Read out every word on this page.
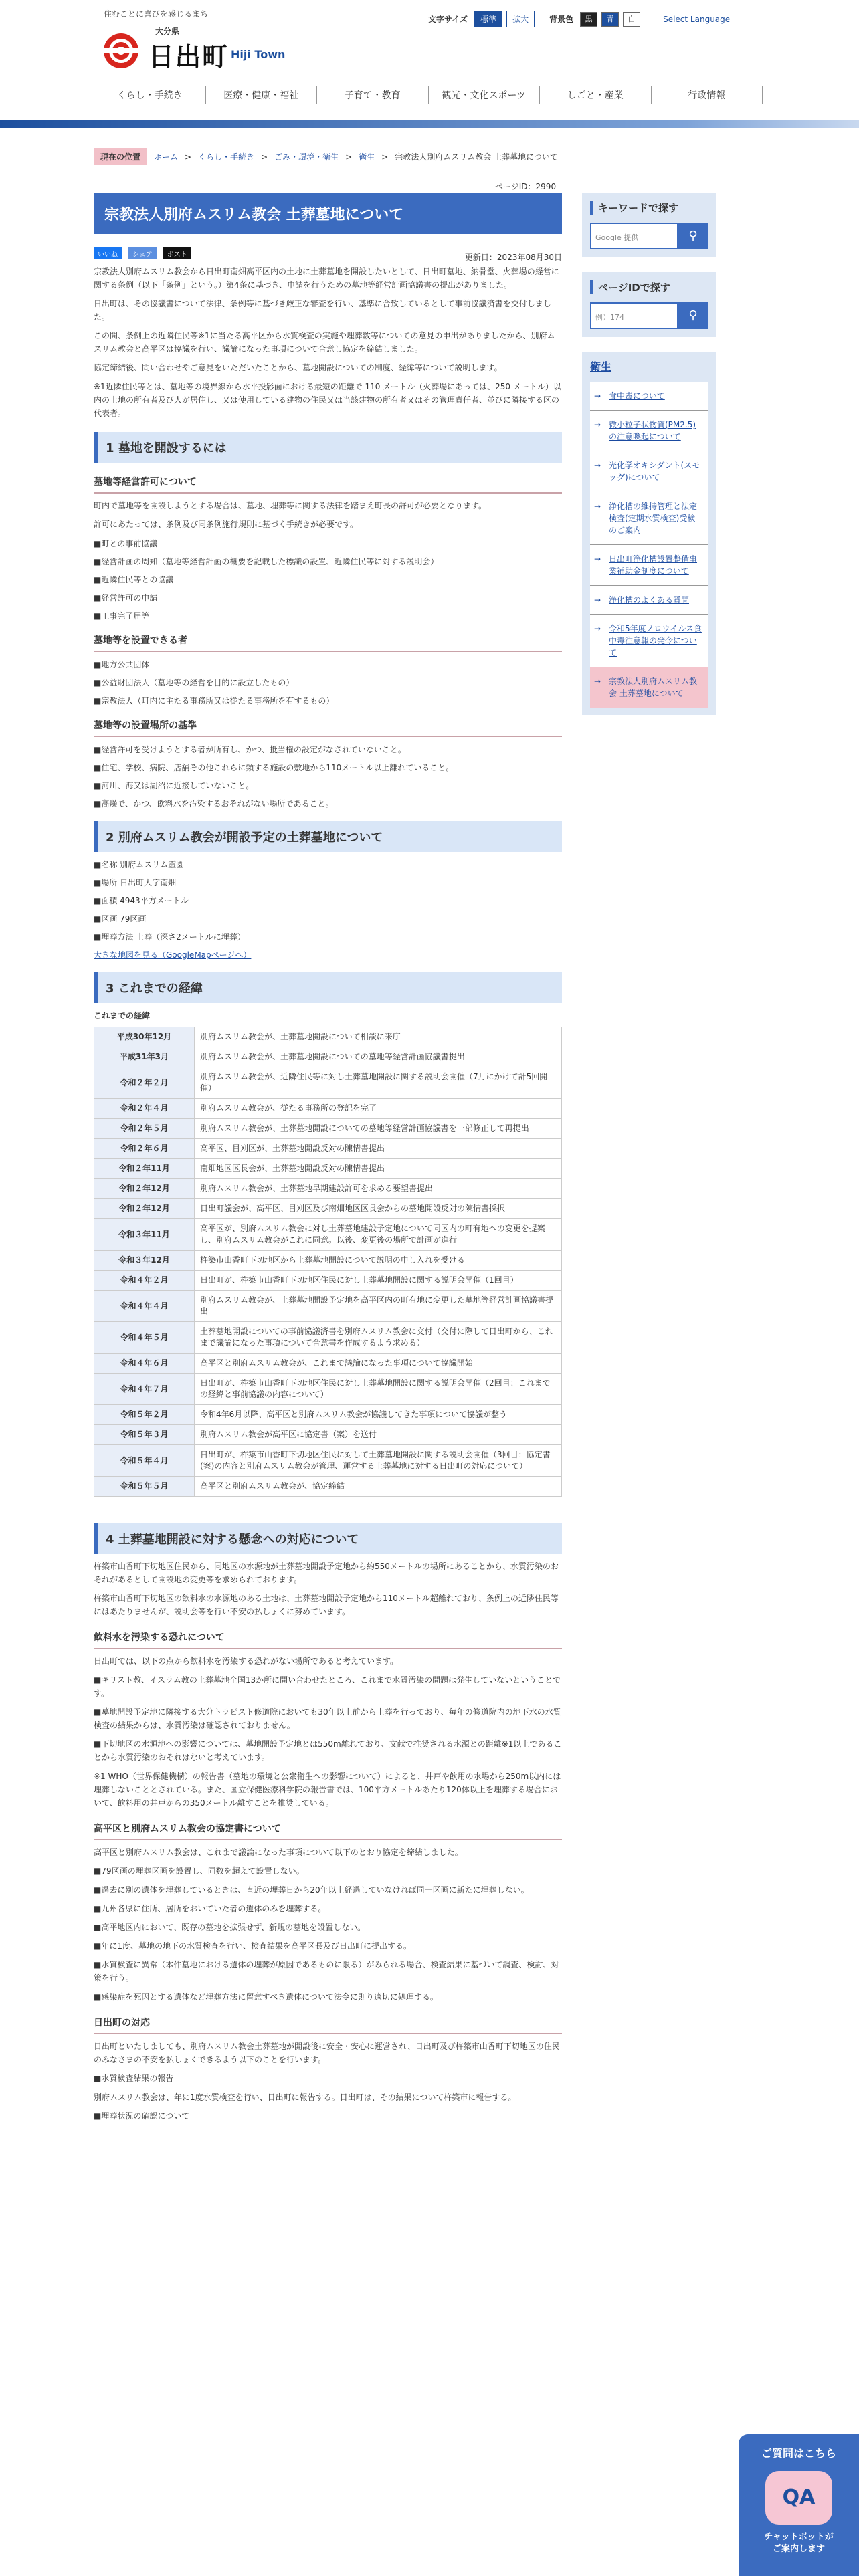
住むことに喜びを感じるまち
大分県
日出町 Hiji Town
文字サイズ	標準	拡大	背景色	黒	青	白	Select Language
くらし・手続き	医療・健康・福祉	子育て・教育	観光・文化スポーツ	しごと・産業	行政情報
現在の位置	ホーム > くらし・手続き > ごみ・環境・衛生 > 衛生 > 宗教法人別府ムスリム教会 土葬墓地について
ページID：2990
宗教法人別府ムスリム教会 土葬墓地について
いいね	シェア	ポスト	更新日：2023年08月30日

宗教法人別府ムスリム教会から日出町南畑高平区内の土地に土葬墓地を開設したいとして、日出町墓地、納骨堂、火葬場の経営に関する条例（以下「条例」という。）第4条に基づき、申請を行うための墓地等経営計画協議書の提出がありました。

日出町は、その協議書について法律、条例等に基づき厳正な審査を行い、基準に合致しているとして事前協議済書を交付しました。

この間、条例上の近隣住民等※1に当たる高平区から水質検査の実施や埋葬数等についての意見の申出がありましたから、別府ムスリム教会と高平区は協議を行い、議論になった事項について合意し協定を締結しました。

協定締結後、問い合わせやご意見をいただいたことから、墓地開設についての制度、経緯等について説明します。

※1近隣住民等とは、墓地等の境界線から水平投影面における最短の距離で 110 メートル（火葬場にあっては、250 メートル）以内の土地の所有者及び人が居住し、又は使用している建物の住民又は当該建物の所有者又はその管理責任者、並びに隣接する区の代表者。

1 墓地を開設するには
墓地等経営許可について

町内で墓地等を開設しようとする場合は、墓地、埋葬等に関する法律を踏まえ町長の許可が必要となります。

許可にあたっては、条例及び同条例施行規則に基づく手続きが必要です。

■町との事前協議
■経営計画の周知（墓地等経営計画の概要を記載した標識の設置、近隣住民等に対する説明会）
■近隣住民等との協議
■経営許可の申請
■工事完了届等
墓地等を設置できる者
■地方公共団体
■公益財団法人（墓地等の経営を目的に設立したもの）
■宗教法人（町内に主たる事務所又は従たる事務所を有するもの）
墓地等の設置場所の基準
■経営許可を受けようとする者が所有し、かつ、抵当権の設定がなされていないこと。
■住宅、学校、病院、店舗その他これらに類する施設の敷地から110メートル以上離れていること。
■河川、海又は湖沼に近接していないこと。
■高燥で、かつ、飲料水を汚染するおそれがない場所であること。
2 別府ムスリム教会が開設予定の土葬墓地について
■名称 別府ムスリム霊園
■場所 日出町大字南畑
■面積 4943平方メートル
■区画 79区画
■埋葬方法 土葬（深さ2メートルに埋葬）
大きな地図を見る（GoogleMapページへ）
3 これまでの経緯
これまでの経緯
平成30年12月	別府ムスリム教会が、土葬墓地開設について相談に来庁
平成31年3月	別府ムスリム教会が、土葬墓地開設についての墓地等経営計画協議書提出
令和２年２月	別府ムスリム教会が、近隣住民等に対し土葬墓地開設に関する説明会開催（7月にかけて計5回開催）
令和２年４月	別府ムスリム教会が、従たる事務所の登記を完了
令和２年５月	別府ムスリム教会が、土葬墓地開設についての墓地等経営計画協議書を一部修正して再提出
令和２年６月	高平区、目刈区が、土葬墓地開設反対の陳情書提出
令和２年11月	南畑地区区長会が、土葬墓地開設反対の陳情書提出
令和２年12月	別府ムスリム教会が、土葬墓地早期建設許可を求める要望書提出
令和２年12月	日出町議会が、高平区、目刈区及び南畑地区区長会からの墓地開設反対の陳情書採択
令和３年11月	高平区が、別府ムスリム教会に対し土葬墓地建設予定地について同区内の町有地への変更を提案し、別府ムスリム教会がこれに同意。以後、変更後の場所で計画が進行
令和３年12月	杵築市山香町下切地区から土葬墓地開設について説明の申し入れを受ける
令和４年２月	日出町が、杵築市山香町下切地区住民に対し土葬墓地開設に関する説明会開催（1回目）
令和４年４月	別府ムスリム教会が、土葬墓地開設予定地を高平区内の町有地に変更した墓地等経営計画協議書提出
令和４年５月	土葬墓地開設についての事前協議済書を別府ムスリム教会に交付（交付に際して日出町から、これまで議論になった事項について合意書を作成するよう求める）
令和４年６月	高平区と別府ムスリム教会が、これまで議論になった事項について協議開始
令和４年７月	日出町が、杵築市山香町下切地区住民に対し土葬墓地開設に関する説明会開催（2回目：これまでの経緯と事前協議の内容について）
令和５年２月	令和4年6月以降、高平区と別府ムスリム教会が協議してきた事項について協議が整う
令和５年３月	別府ムスリム教会が高平区に協定書（案）を送付
令和５年４月	日出町が、杵築市山香町下切地区住民に対して土葬墓地開設に関する説明会開催（3回目：協定書(案)の内容と別府ムスリム教会が管理、運営する土葬墓地に対する日出町の対応について）
令和５年５月	高平区と別府ムスリム教会が、協定締結
4 土葬墓地開設に対する懸念への対応について

杵築市山香町下切地区住民から、同地区の水源地が土葬墓地開設予定地から約550メートルの場所にあることから、水質汚染のおそれがあるとして開設地の変更等を求められております。

杵築市山香町下切地区の飲料水の水源地のある土地は、土葬墓地開設予定地から110メートル超離れており、条例上の近隣住民等にはあたりませんが、説明会等を行い不安の払しょくに努めています。

飲料水を汚染する恐れについて

日出町では、以下の点から飲料水を汚染する恐れがない場所であると考えています。

■キリスト教、イスラム教の土葬墓地全国13か所に問い合わせたところ、これまで水質汚染の問題は発生していないということです。

■墓地開設予定地に隣接する大分トラピスト修道院においても30年以上前から土葬を行っており、毎年の修道院内の地下水の水質検査の結果からは、水質汚染は確認されておりません。

■下切地区の水源地への影響については、墓地開設予定地とは550m離れており、文献で推奨される水源との距離※1以上であることから水質汚染のおそれはないと考えています。

※1 WHO（世界保健機構）の報告書（墓地の環境と公衆衛生への影響について）によると、井戸や飲用の水場から250m以内には埋葬しないこととされている。また、国立保健医療科学院の報告書では、100平方メートルあたり120体以上を埋葬する場合において、飲料用の井戸からの350メートル離すことを推奨している。

高平区と別府ムスリム教会の協定書について

高平区と別府ムスリム教会は、これまで議論になった事項について以下のとおり協定を締結しました。

■79区画の埋葬区画を設置し、同数を超えて設置しない。

■過去に別の遺体を埋葬しているときは、直近の埋葬日から20年以上経過していなければ同一区画に新たに埋葬しない。

■九州各県に住所、居所をおいていた者の遺体のみを埋葬する。

■高平地区内において、既存の墓地を拡張せず、新規の墓地を設置しない。

■年に1度、墓地の地下の水質検査を行い、検査結果を高平区長及び日出町に提出する。

■水質検査に異常（本件墓地における遺体の埋葬が原因であるものに限る）がみられる場合、検査結果に基づいて調査、検討、対策を行う。

■感染症を死因とする遺体など埋葬方法に留意すべき遺体について法令に則り適切に処理する。

日出町の対応

日出町といたしましても、別府ムスリム教会土葬墓地が開設後に安全・安心に運営され、日出町及び杵築市山香町下切地区の住民のみなさまの不安を払しょくできるよう以下のことを行います。

■水質検査結果の報告

別府ムスリム教会は、年に1度水質検査を行い、日出町に報告する。日出町は、その結果について杵築市に報告する。

■埋葬状況の確認について

キーワードで探す
Google 提供	⚲
ページIDで探す
例）174	⚲
衛生
→ 食中毒について
→ 微小粒子状物質(PM2.5)の注意喚起について
→ 光化学オキシダント(スモッグ)について
→ 浄化槽の維持管理と法定検査(定期水質検査)受検のご案内
→ 日出町浄化槽設置整備事業補助金制度について
→ 浄化槽のよくある質問
→ 令和5年度ノロウイルス食中毒注意報の発令について
→ 宗教法人別府ムスリム教会 土葬墓地について
ご質問はこちら
QA
チャットボットが
ご案内します
